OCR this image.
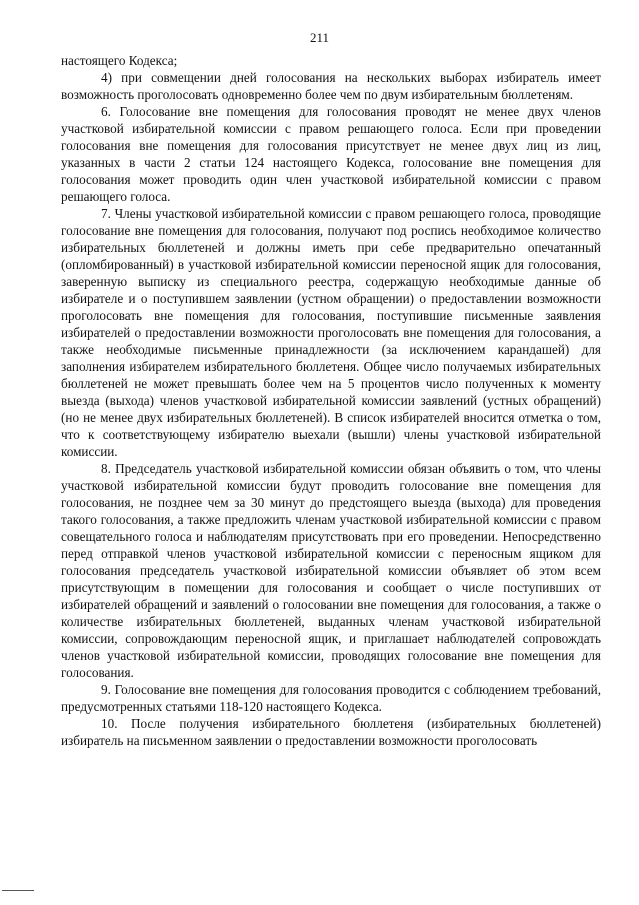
211

настоящего Кодекса;

4) при совмещении дней голосования на нескольких выборах избиратель имеет возможность проголосовать одновременно более чем по двум избирательным бюллетеням.

6. Голосование вне помещения для голосования проводят не менее двух членов участковой избирательной комиссии с правом решающего голоса. Если при проведении голосования вне помещения для голосования присутствует не менее двух лиц из лиц, указанных в части 2 статьи 124 настоящего Кодекса, голосование вне помещения для голосования может проводить один член участковой избирательной комиссии с правом решающего голоса.

7. Члены участковой избирательной комиссии с правом решающего голоса, проводящие голосование вне помещения для голосования, получают под роспись необходимое количество избирательных бюллетеней и должны иметь при себе предварительно опечатанный (опломбированный) в участковой избирательной комиссии переносной ящик для голосования, заверенную выписку из специального реестра, содержащую необходимые данные об избирателе и о поступившем заявлении (устном обращении) о предоставлении возможности проголосовать вне помещения для голосования, поступившие письменные заявления избирателей о предоставлении возможности проголосовать вне помещения для голосования, а также необходимые письменные принадлежности (за исключением карандашей) для заполнения избирателем избирательного бюллетеня. Общее число получаемых избирательных бюллетеней не может превышать более чем на 5 процентов число полученных к моменту выезда (выхода) членов участковой избирательной комиссии заявлений (устных обращений) (но не менее двух избирательных бюллетеней). В список избирателей вносится отметка о том, что к соответствующему избирателю выехали (вышли) члены участковой избирательной комиссии.

8. Председатель участковой избирательной комиссии обязан объявить о том, что члены участковой избирательной комиссии будут проводить голосование вне помещения для голосования, не позднее чем за 30 минут до предстоящего выезда (выхода) для проведения такого голосования, а также предложить членам участковой избирательной комиссии с правом совещательного голоса и наблюдателям присутствовать при его проведении. Непосредственно перед отправкой членов участковой избирательной комиссии с переносным ящиком для голосования председатель участковой избирательной комиссии объявляет об этом всем присутствующим в помещении для голосования и сообщает о числе поступивших от избирателей обращений и заявлений о голосовании вне помещения для голосования, а также о количестве избирательных бюллетеней, выданных членам участковой избирательной комиссии, сопровождающим переносной ящик, и приглашает наблюдателей сопровождать членов участковой избирательной комиссии, проводящих голосование вне помещения для голосования.

9. Голосование вне помещения для голосования проводится с соблюдением требований, предусмотренных статьями 118-120 настоящего Кодекса.

10. После получения избирательного бюллетеня (избирательных бюллетеней) избиратель на письменном заявлении о предоставлении возможности проголосовать
